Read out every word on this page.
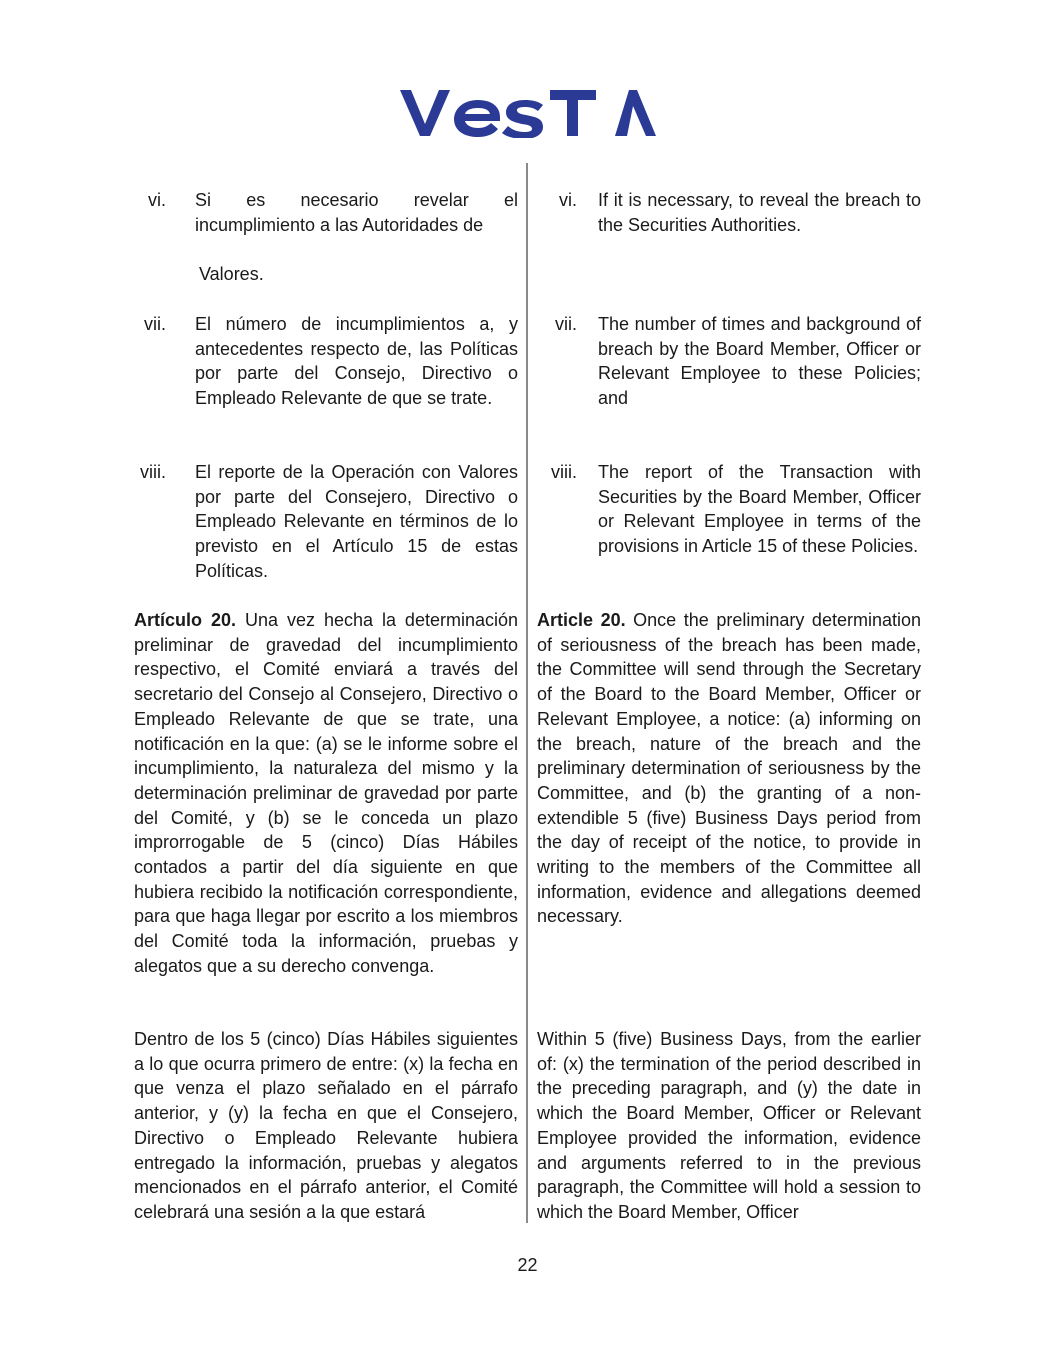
vi. Si es necesario revelar el incumplimiento a las Autoridades de
Valores.
vii. El número de incumplimientos a, y antecedentes respecto de, las Políticas por parte del Consejo, Directivo o Empleado Relevante de que se trate.
viii. El reporte de la Operación con Valores por parte del Consejero, Directivo o Empleado Relevante en términos de lo previsto en el Artículo 15 de estas Políticas.
Artículo 20. Una vez hecha la determinación preliminar de gravedad del incumplimiento respectivo, el Comité enviará a través del secretario del Consejo al Consejero, Directivo o Empleado Relevante de que se trate, una notificación en la que: (a) se le informe sobre el incumplimiento, la naturaleza del mismo y la determinación preliminar de gravedad por parte del Comité, y (b) se le conceda un plazo improrrogable de 5 (cinco) Días Hábiles contados a partir del día siguiente en que hubiera recibido la notificación correspondiente, para que haga llegar por escrito a los miembros del Comité toda la información, pruebas y alegatos que a su derecho convenga.
Dentro de los 5 (cinco) Días Hábiles siguientes a lo que ocurra primero de entre: (x) la fecha en que venza el plazo señalado en el párrafo anterior, y (y) la fecha en que el Consejero, Directivo o Empleado Relevante hubiera entregado la información, pruebas y alegatos mencionados en el párrafo anterior, el Comité celebrará una sesión a la que estará
vi. If it is necessary, to reveal the breach to the Securities Authorities.
vii. The number of times and background of breach by the Board Member, Officer or Relevant Employee to these Policies; and
viii. The report of the Transaction with Securities by the Board Member, Officer or Relevant Employee in terms of the provisions in Article 15 of these Policies.
Article 20. Once the preliminary determination of seriousness of the breach has been made, the Committee will send through the Secretary of the Board to the Board Member, Officer or Relevant Employee, a notice: (a) informing on the breach, nature of the breach and the preliminary determination of seriousness by the Committee, and (b) the granting of a non-extendible 5 (five) Business Days period from the day of receipt of the notice, to provide in writing to the members of the Committee all information, evidence and allegations deemed necessary.
Within 5 (five) Business Days, from the earlier of: (x) the termination of the period described in the preceding paragraph, and (y) the date in which the Board Member, Officer or Relevant Employee provided the information, evidence and arguments referred to in the previous paragraph, the Committee will hold a session to which the Board Member, Officer
22
